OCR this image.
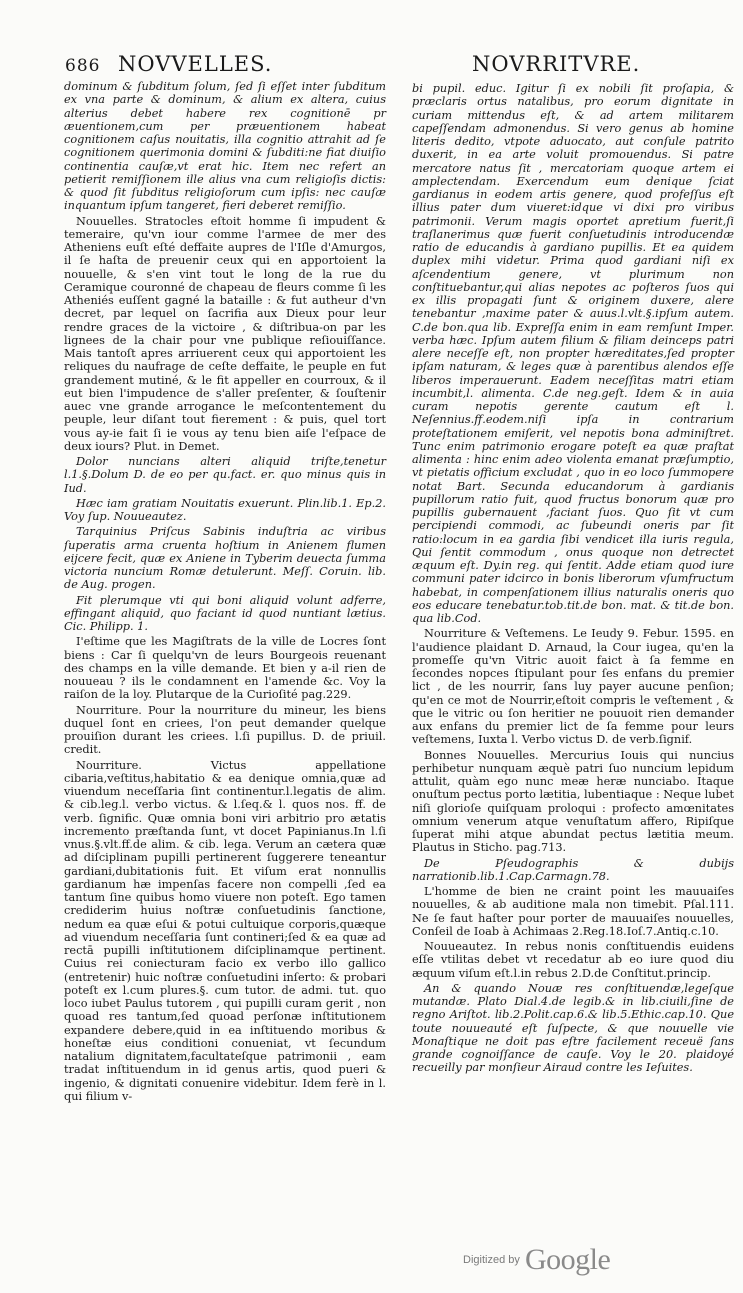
686 NOVVELLES.	NOVRRITVRE.

dominum & ſubditum ſolum, ſed ſi eſſet inter ſubditum ex vna parte & dominum, & alium ex altera, cuius alterius debet habere rex cognitionē pr æuentionem,cum per præuentionem habeat cognitionem caſus nouitatis, illa cognitio attrahit ad ſe cognitionem querimonia domini & ſubditi:ne fiat diuiſio continentia cauſæ,vt erat hic. Item nec refert an petierit remiſſionem ille alius vna cum religioſis dictis: & quod ſit ſubditus religioſorum cum ipſis: nec cauſæ inquantum ipſum tangeret, fieri deberet remiſſio.

Nouuelles. Stratocles eſtoit homme ſi impudent & temeraire, qu'vn iour comme l'armee de mer des Atheniens euſt eſté deffaite aupres de l'Iſle d'Amurgos, il ſe haſta de preuenir ceux qui en apportoient la nouuelle, & s'en vint tout le long de la rue du Ceramique couronné de chapeau de fleurs comme ſi les Atheniés euſſent gagné la bataille : & fut autheur d'vn decret, par lequel on ſacrifia aux Dieux pour leur rendre graces de la victoire , & diſtribua-on par les lignees de la chair pour vne publique reſiouiſſance. Mais tantoſt apres arriuerent ceux qui apportoient les reliques du naufrage de ceſte deffaite, le peuple en fut grandement mutiné, & le fit appeller en courroux, & il eut bien l'impudence de s'aller preſenter, & ſouſtenir auec vne grande arrogance le meſcontentement du peuple, leur diſant tout fierement : & puis, quel tort vous ay-ie fait ſi ie vous ay tenu bien aiſe l'eſpace de deux iours? Plut. in Demet.

Dolor nuncians alteri aliquid triſte,tenetur l.1.§.Dolum D. de eo per qu.fact. er. quo minus quis in Iud.

Hæc iam gratiam Nouitatis exuerunt. Plin.lib.1. Ep.2. Voy ſup. Nouueautez.

Tarquinius Priſcus Sabinis induſtria ac viribus ſuperatis arma cruenta hoſtium in Anienem flumen eijcere fecit, quæ ex Aniene in Tyberim deuecta ſumma victoria nuncium Romæ detulerunt. Meſſ. Coruin. lib. de Aug. progen.

Fit plerumque vti qui boni aliquid volunt adferre, effingant aliquid, quo faciant id quod nuntiant lætius. Cic. Philipp. 1.

I'eſtime que les Magiſtrats de la ville de Locres ſont biens : Car ſi quelqu'vn de leurs Bourgeois reuenant des champs en la ville demande. Et bien y a-il rien de nouueau ? ils le condamnent en l'amende &c. Voy la raiſon de la loy. Plutarque de la Curioſité pag.229.

Nourriture. Pour la nourriture du mineur, les biens duquel ſont en criees, l'on peut demander quelque prouiſion durant les criees. l.ſi pupillus. D. de priuil. credit.

Nourriture. Victus appellatione cibaria,veſtitus,habitatio & ea denique omnia,quæ ad viuendum neceſſaria ſint continentur.l.legatis de alim. & cib.leg.l. verbo victus. & l.ſeq.& l. quos nos. ff. de verb. ſignific. Quæ omnia boni viri arbitrio pro ætatis incremento præſtanda ſunt, vt docet Papinianus.In l.ſi vnus.§.vlt.ff.de alim. & cib. lega. Verum an cætera quæ ad diſciplinam pupilli pertinerent ſuggerere teneantur gardiani,dubitationis fuit. Et viſum erat nonnullis gardianum hæ impenſas facere non compelli ,ſed ea tantum ſine quibus homo viuere non poteſt. Ego tamen crediderim huius noſtræ conſuetudinis ſanctione, nedum ea quæ eſui & potui cultuique corporis,quæque ad viuendum neceſſaria ſunt contineri;ſed & ea quæ ad rectā pupilli inſtitutionem diſciplinamque pertinent. Cuius rei coniecturam facio ex verbo illo gallico (entretenir) huic noſtræ conſuetudini inſerto: & probari poteſt ex l.cum plures.§. cum tutor. de admi. tut. quo loco iubet Paulus tutorem , qui pupilli curam gerit , non quoad res tantum,ſed quoad perſonæ inſtitutionem expandere debere,quid in ea inſtituendo moribus & honeſtæ eius conditioni conueniat, vt ſecundum natalium dignitatem,facultateſque patrimonii , eam tradat inſtituendum in id genus artis, quod pueri & ingenio, & dignitati conuenire videbitur. Idem ferè in l. qui filium v-

bi pupil. educ. Igitur ſi ex nobili ſit proſapia, & præclaris ortus natalibus, pro eorum dignitate in curiam mittendus eſt, & ad artem militarem capeſſendam admonendus. Si vero genus ab homine literis dedito, vtpote aduocato, aut conſule patrito duxerit, in ea arte voluit promouendus. Si patre mercatore natus ſit , mercatoriam quoque artem ei amplectendam. Exercendum eum denique ſciat gardianus in eodem artis genere, quod profeſſus eſt illius pater dum viueret:idque vi dixi pro viribus patrimonii. Verum magis oportet apretium fuerit,ſi traſlanerimus quæ fuerit conſuetudinis introducendæ ratio de educandis à gardiano pupillis. Et ea quidem duplex mihi videtur. Prima quod gardiani niſi ex aſcendentium genere, vt plurimum non conſtituebantur,qui alias nepotes ac poſteros ſuos qui ex illis propagati ſunt & originem duxere, alere tenebantur ,maxime pater & auus.l.vlt.§.ipſum autem. C.de bon.qua lib. Expreſſa enim in eam remſunt Imper. verba hæc. Ipſum autem filium & filiam deinceps patri alere neceſſe eſt, non propter hæreditates,ſed propter ipſam naturam, & leges quæ à parentibus alendos eſſe liberos imperauerunt. Eadem neceſſitas matri etiam incumbit,l. alimenta. C.de neg.geſt. Idem & in auia curam nepotis gerente cautum eſt l. Neſennius.ff.eodem.niſi ipſa in contrarium proteſtationem emiſerit, vel nepotis bona adminiſtret. Tunc enim patrimonio erogare poteſt ea quæ praſtat alimenta : hinc enim adeo violenta emanat præſumptio, vt pietatis officium excludat , quo in eo loco ſummopere notat Bart. Secunda educandorum à gardianis pupillorum ratio fuit, quod fructus bonorum quæ pro pupillis gubernauent ,faciant ſuos. Quo ſit vt cum percipiendi commodi, ac ſubeundi oneris par ſit ratio:locum in ea gardia ſibi vendicet illa iuris regula, Qui ſentit commodum , onus quoque non detrectet æquum eſt. Dy.in reg. qui ſentit. Adde etiam quod iure communi pater idcirco in bonis liberorum vſumfructum habebat, in compenſationem illius naturalis oneris quo eos educare tenebatur.tob.tit.de bon. mat. & tit.de bon. qua lib.Cod.

Nourriture & Veſtemens. Le Ieudy 9. Febur. 1595. en l'audience plaidant D. Arnaud, la Cour iugea, qu'en la promeſſe qu'vn Vitric auoit faict à ſa femme en ſecondes nopces ſtipulant pour ſes enfans du premier lict , de les nourrir, ſans luy payer aucune penſion; qu'en ce mot de Nourrir,eſtoit compris le veſtement , & que le vitric ou ſon heritier ne pouuoit rien demander aux enfans du premier lict de ſa femme pour leurs veſtemens, Iuxta l. Verbo victus D. de verb.ſignif.

Bonnes Nouuelles. Mercurius Iouis qui nuncius perhibetur nunquam æquè patri ſuo nuncium lepidum attulit, quàm ego nunc meæ heræ nunciabo. Itaque onuſtum pectus porto lætitia, lubentiaque : Neque lubet niſi glorioſe quiſquam proloqui : profecto amœnitates omnium venerum atque venuſtatum affero, Ripiſque ſuperat mihi atque abundat pectus lætitia meum. Plautus in Sticho. pag.713.

De Pſeudographis & dubijs narrationib.lib.1.Cap.Carmagn.78.

L'homme de bien ne craint point les mauuaiſes nouuelles, & ab auditione mala non timebit. Pſal.111. Ne ſe faut haſter pour porter de mauuaiſes nouuelles, Conſeil de Ioab à Achimaas 2.Reg.18.Ioſ.7.Antiq.c.10.

Nouueautez. In rebus nonis conſtituendis euidens eſſe vtilitas debet vt recedatur ab eo iure quod diu æquum viſum eſt.l.in rebus 2.D.de Conſtitut.princip.

An & quando Nouæ res conſtituendæ,legeſque mutandæ. Plato Dial.4.de legib.& in lib.ciuili,ſine de regno Ariſtot. lib.2.Polit.cap.6.& lib.5.Ethic.cap.10. Que toute nouueauté eſt ſuſpecte, & que nouuelle vie Monaſtique ne doit pas eſtre facilement receuë ſans grande cognoiſſance de cauſe. Voy le 20. plaidoyé recueilly par monſieur Airaud contre les Ieſuites.

Digitized by Google
